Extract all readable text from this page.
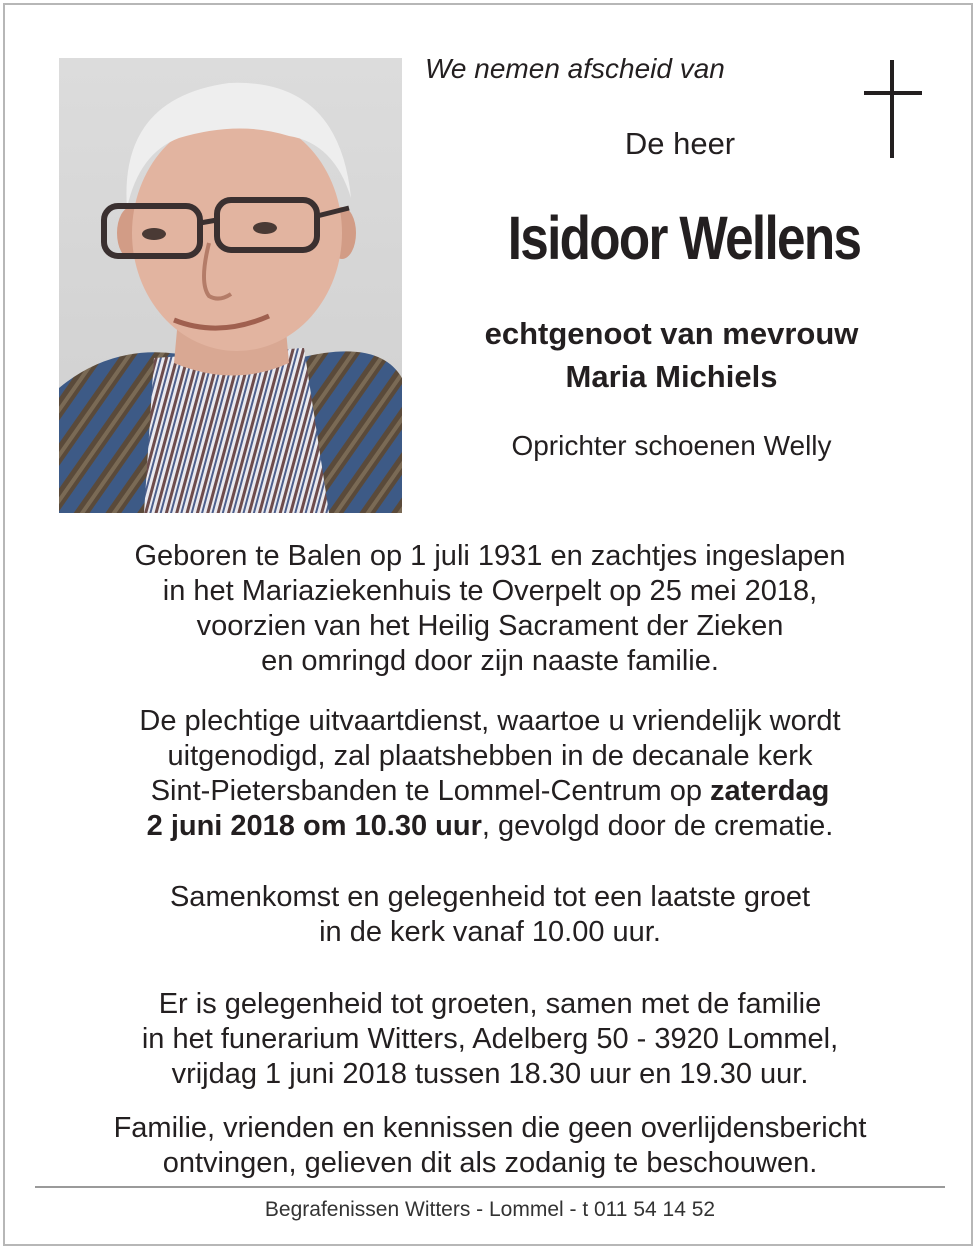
We nemen afscheid van
De heer
Isidoor Wellens
echtgenoot van mevrouw
Maria Michiels
Oprichter schoenen Welly
Geboren te Balen op 1 juli 1931 en zachtjes ingeslapen
in het Mariaziekenhuis te Overpelt op 25 mei 2018,
voorzien van het Heilig Sacrament der Zieken
en omringd door zijn naaste familie.
De plechtige uitvaartdienst, waartoe u vriendelijk wordt
uitgenodigd, zal plaatshebben in de decanale kerk
Sint-Pietersbanden te Lommel-Centrum op zaterdag
2 juni 2018 om 10.30 uur, gevolgd door de crematie.
Samenkomst en gelegenheid tot een laatste groet
in de kerk vanaf 10.00 uur.
Er is gelegenheid tot groeten, samen met de familie
in het funerarium Witters, Adelberg 50 - 3920 Lommel,
vrijdag 1 juni 2018 tussen 18.30 uur en 19.30 uur.
Familie, vrienden en kennissen die geen overlijdensbericht
ontvingen, gelieven dit als zodanig te beschouwen.
Begrafenissen Witters - Lommel - t 011 54 14 52
